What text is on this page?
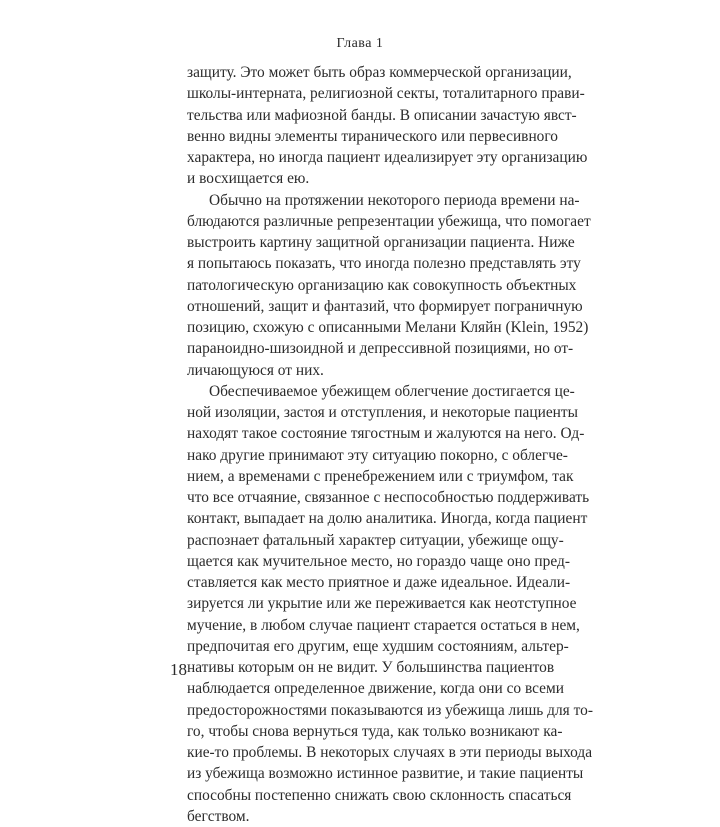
Глава 1
защиту. Это может быть образ коммерческой организации,
школы-интерната, религиозной секты, тоталитарного прави-
тельства или мафиозной банды. В описании зачастую явст-
венно видны элементы тиранического или первесивного
характера, но иногда пациент идеализирует эту организацию
и восхищается ею.
Обычно на протяжении некоторого периода времени на-
блюдаются различные репрезентации убежища, что помогает
выстроить картину защитной организации пациента. Ниже
я попытаюсь показать, что иногда полезно представлять эту
патологическую организацию как совокупность объектных
отношений, защит и фантазий, что формирует пограничную
позицию, схожую с описанными Мелани Кляйн (Klein, 1952)
параноидно-шизоидной и депрессивной позициями, но от-
личающуюся от них.
Обеспечиваемое убежищем облегчение достигается це-
ной изоляции, застоя и отступления, и некоторые пациенты
находят такое состояние тягостным и жалуются на него. Од-
нако другие принимают эту ситуацию покорно, с облегче-
нием, а временами с пренебрежением или с триумфом, так
что все отчаяние, связанное с неспособностью поддерживать
контакт, выпадает на долю аналитика. Иногда, когда пациент
распознает фатальный характер ситуации, убежище ощу-
щается как мучительное место, но гораздо чаще оно пред-
ставляется как место приятное и даже идеальное. Идеали-
зируется ли укрытие или же переживается как неотступное
мучение, в любом случае пациент старается остаться в нем,
предпочитая его другим, еще худшим состояниям, альтер-
нативы которым он не видит. У большинства пациентов
наблюдается определенное движение, когда они со всеми
предосторожностями показываются из убежища лишь для то-
го, чтобы снова вернуться туда, как только возникают ка-
кие-то проблемы. В некоторых случаях в эти периоды выхода
из убежища возможно истинное развитие, и такие пациенты
способны постепенно снижать свою склонность спасаться
бегством.
18
